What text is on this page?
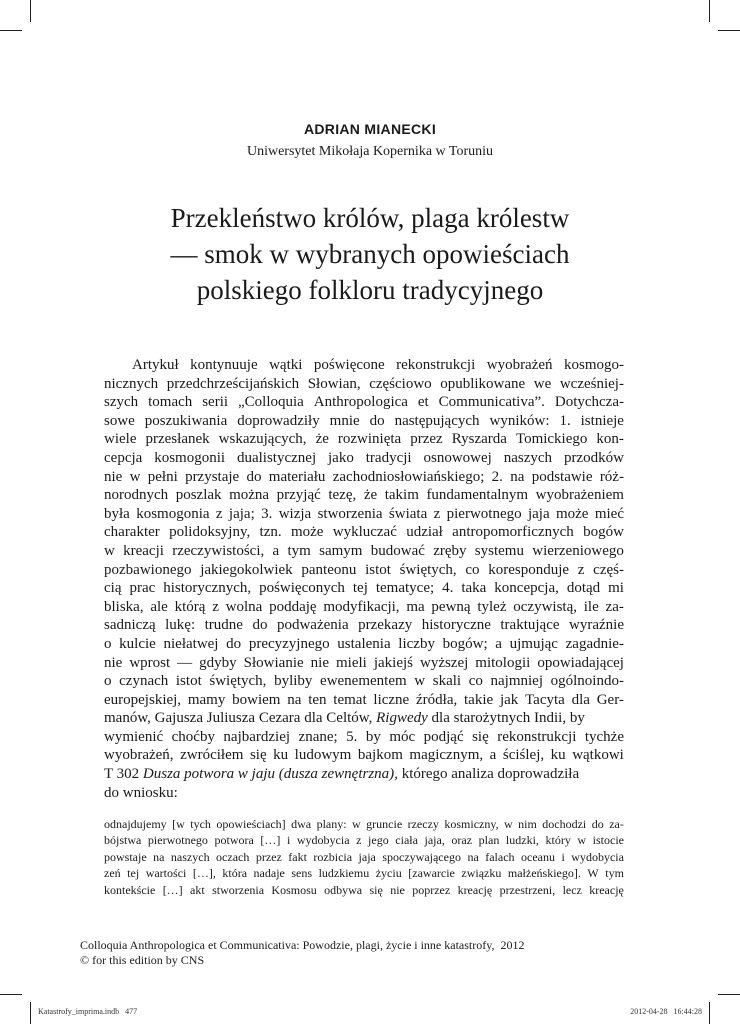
ADRIAN MIANECKI
Uniwersytet Mikołaja Kopernika w Toruniu
Przekleństwo królów, plaga królestw
— smok w wybranych opowieściach
polskiego folkloru tradycyjnego
Artykuł kontynuuje wątki poświęcone rekonstrukcji wyobrażeń kosmogo-
nicznych przedchrześcijańskich Słowian, częściowo opublikowane we wcześniej-
szych tomach serii „Colloquia Anthropologica et Communicativa”. Dotychcza-
sowe poszukiwania doprowadziły mnie do następujących wyników: 1. istnieje
wiele przesłanek wskazujących, że rozwinięta przez Ryszarda Tomickiego kon-
cepcja kosmogonii dualistycznej jako tradycji osnowowej naszych przodków
nie w pełni przystaje do materiału zachodniosłowiańskiego; 2. na podstawie róż-
norodnych poszlak można przyjąć tezę, że takim fundamentalnym wyobrażeniem
była kosmogonia z jaja; 3. wizja stworzenia świata z pierwotnego jaja może mieć
charakter polidoksyjny, tzn. może wykluczać udział antropomorficznych bogów
w kreacji rzeczywistości, a tym samym budować zręby systemu wierzeniowego
pozbawionego jakiegokolwiek panteonu istot świętych, co koresponduje z częś-
cią prac historycznych, poświęconych tej tematyce; 4. taka koncepcja, dotąd mi
bliska, ale którą z wolna poddaję modyfikacji, ma pewną tyleż oczywistą, ile za-
sadniczą lukę: trudne do podważenia przekazy historyczne traktujące wyraźnie
o kulcie niełatwej do precyzyjnego ustalenia liczby bogów; a ujmując zagadnie-
nie wprost — gdyby Słowianie nie mieli jakiejś wyższej mitologii opowiadającej
o czynach istot świętych, byliby ewenementem w skali co najmniej ogólnoindo-
europejskiej, mamy bowiem na ten temat liczne źródła, takie jak Tacyta dla Ger-
manów, Gajusza Juliusza Cezara dla Celtów, Rigwedy dla starożytnych Indii, by
wymienić choćby najbardziej znane; 5. by móc podjąć się rekonstrukcji tychże
wyobrażeń, zwróciłem się ku ludowym bajkom magicznym, a ściślej, ku wątkowi
T 302 Dusza potwora w jaju (dusza zewnętrzna) , którego analiza doprowadziła
do wniosku:
odnajdujemy [w tych opowieściach] dwa plany: w gruncie rzeczy kosmiczny, w nim dochodzi do za-
bójstwa pierwotnego potwora […] i wydobycia z jego ciała jaja, oraz plan ludzki, który w istocie
powstaje na naszych oczach przez fakt rozbicia jaja spoczywającego na falach oceanu i wydobycia
zeń tej wartości […], która nadaje sens ludzkiemu życiu [zawarcie związku małżeńskiego]. W tym
kontekście […] akt stworzenia Kosmosu odbywa się nie poprzez kreację przestrzeni, lecz kreację
Colloquia Anthropologica et Communicativa: Powodzie, plagi, życie i inne katastrofy,  2012
© for this edition by CNS
Katastrofy_imprima.indb   477	2012-04-28   16:44:28
